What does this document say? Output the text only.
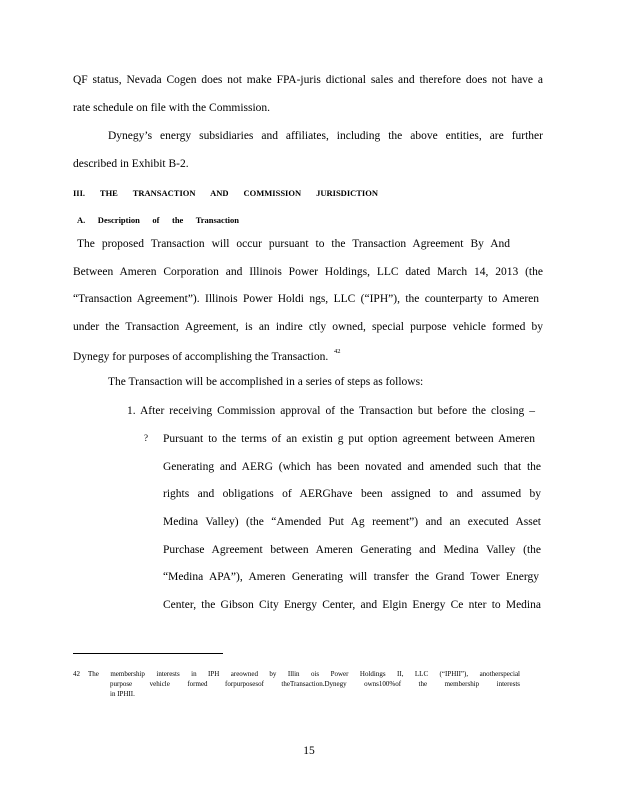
QF status, Nevada Cogen does not make FPA-juris dictional sales and therefore does not have a
rate schedule on file with the Commission.
Dynegy’s energy subsidiaries and affiliates, including the above entities, are further
described in Exhibit B-2.
III. THE TRANSACTION AND COMMISSION JURISDICTION
A. Description of the Transaction
The proposed Transaction will occur pursuant to the Transaction Agreement By And
Between Ameren Corporation and Illinois Power Holdings, LLC dated March 14, 2013 (the
“Transaction Agreement”). Illinois Power Holdi ngs, LLC (“IPH”), the counterparty to Ameren
under the Transaction Agreement, is an indire ctly owned, special purpose vehicle formed by
Dynegy for purposes of accomplishing the Transaction. $^{42}$
The Transaction will be accomplished in a series of steps as follows:
1. After receiving Commission approval of the Transaction but before the closing –
? Pursuant to the terms of an existin g put option agreement between Ameren
Generating and AERG (which has been novated and amended such that the
rights and obligations of AERGhave been assigned to and assumed by
Medina Valley) (the “Amended Put Ag reement”) and an executed Asset
Purchase Agreement between Ameren Generating and Medina Valley (the
“Medina APA”), Ameren Generating will transfer the Grand Tower Energy
Center, the Gibson City Energy Center, and Elgin Energy Ce nter to Medina
42 The membership interests in IPH areowned by Illin ois Power Holdings II, LLC (“IPHII”), anotherspecial
purpose vehicle formed forpurposesof theTransaction.Dynegy owns100%of the membership interests
in IPHII.
15
